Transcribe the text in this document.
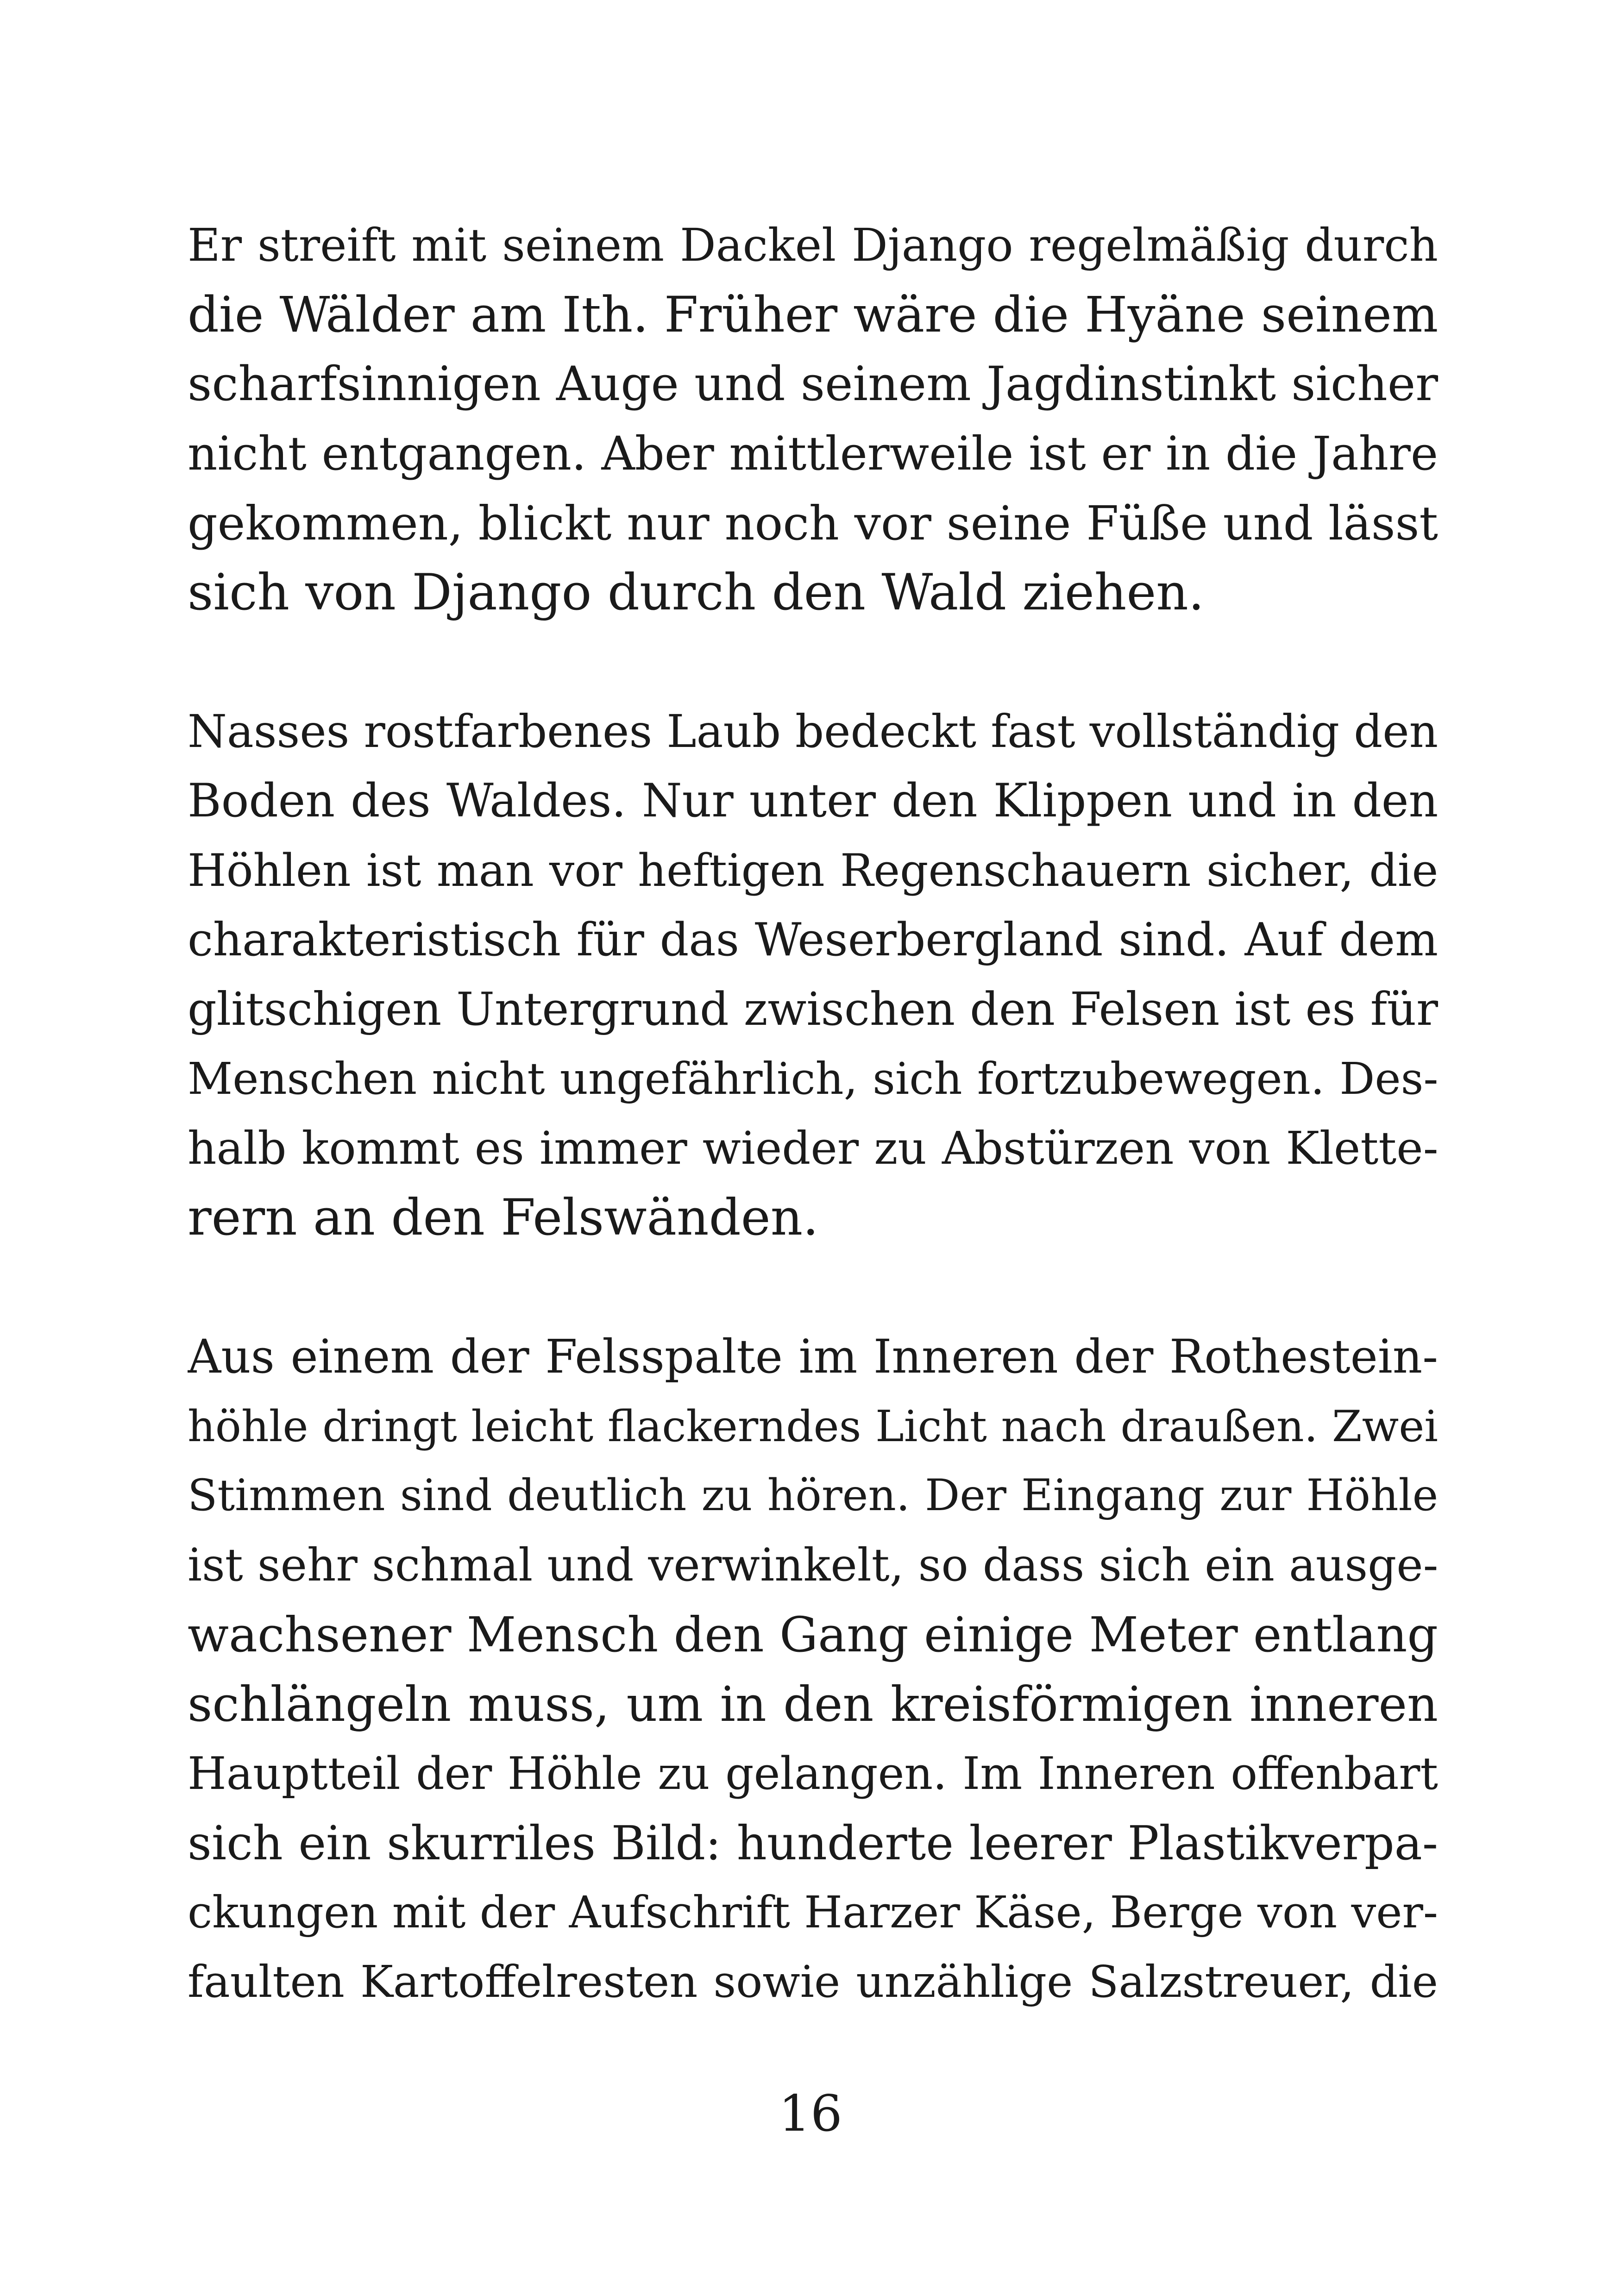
Er streift mit seinem Dackel Django regelmäßig durch
die Wälder am Ith. Früher wäre die Hyäne seinem
scharfsinnigen Auge und seinem Jagdinstinkt sicher
nicht entgangen. Aber mittlerweile ist er in die Jahre
gekommen, blickt nur noch vor seine Füße und lässt
sich von Django durch den Wald ziehen.
Nasses rostfarbenes Laub bedeckt fast vollständig den
Boden des Waldes. Nur unter den Klippen und in den
Höhlen ist man vor heftigen Regenschauern sicher, die
charakteristisch für das Weserbergland sind. Auf dem
glitschigen Untergrund zwischen den Felsen ist es für
Menschen nicht ungefährlich, sich fortzubewegen. Des-
halb kommt es immer wieder zu Abstürzen von Klette-
rern an den Felswänden.
Aus einem der Felsspalte im Inneren der Rothestein-
höhle dringt leicht flackerndes Licht nach draußen. Zwei
Stimmen sind deutlich zu hören. Der Eingang zur Höhle
ist sehr schmal und verwinkelt, so dass sich ein ausge-
wachsener Mensch den Gang einige Meter entlang
schlängeln muss, um in den kreisförmigen inneren
Hauptteil der Höhle zu gelangen. Im Inneren offenbart
sich ein skurriles Bild: hunderte leerer Plastikverpa-
ckungen mit der Aufschrift Harzer Käse, Berge von ver-
faulten Kartoffelresten sowie unzählige Salzstreuer, die
16
